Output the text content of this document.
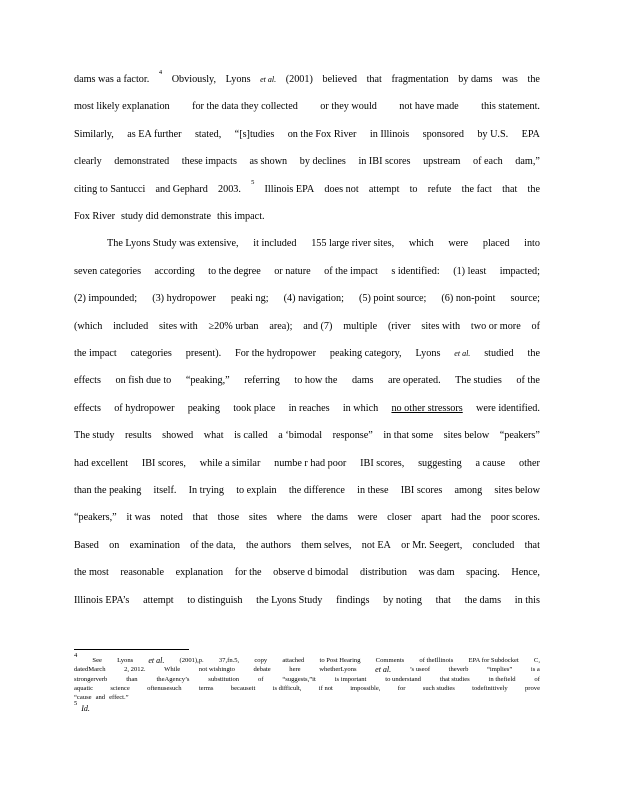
dams was a factor.
4
Obviously, Lyons et al. (2001) believed that fragmentation by dams was the
most likely explanation for the data they collected or they would not have made this statement.
Similarly, as EA further stated, “[s]tudies on the Fox River in Illinois sponsored by U.S. EPA
clearly demonstrated these impacts as shown by declines in IBI scores upstream of each dam,”
citing to Santucci and Gephard 2003.
5
Illinois EPA does not attempt to refute the fact that the
Fox River study did demonstrate this impact.
The Lyons Study was extensive, it included 155 large river sites, which were placed into
seven categories according to the degree or nature of the impact s identified: (1) least impacted;
(2) impounded; (3) hydropower peaki ng; (4) navigation; (5) point source; (6) non-point source;
(which included sites with ≥20% urban area); and (7) multiple (river sites with two or more of
the impact categories present). For the hydropower peaking category, Lyons et al. studied the
effects on fish due to “peaking,” referring to how the dams are operated. The studies of the
effects of hydropower peaking took place in reaches in which no other stressors were identified.
The study results showed what is called a ‘bimodal response” in that some sites below “peakers”
had excellent IBI scores, while a similar numbe r had poor IBI scores, suggesting a cause other
than the peaking itself. In trying to explain the difference in these IBI scores among sites below
“peakers,” it was noted that those sites where the dams were closer apart had the poor scores.
Based on examination of the data, the authors them selves, not EA or Mr. Seegert, concluded that
the most reasonable explanation for the observe d bimodal distribution was dam spacing. Hence,
Illinois EPA’s attempt to distinguish the Lyons Study findings by noting that the dams in this
4
See Lyons et al. (2001),p. 37,fn.5, copy attached to Post Hearing Comments of theIllinois EPA for Subdocket C,
datedMarch	2, 2012.	While	not wishingto	debate	here	whetherLyons et al.	’s useof	theverb	“implies”	is a
strongerverb	than	theAgency’s	substitution	of	“suggests,”it	is important	to understand	that studies	in thefield	of
aquatic	science	oftenusesuch	terms	becauseit	is difficult,	if not	impossible,	for	such studies	todefinitively	prove
“cause and effect.”
5
Id.
